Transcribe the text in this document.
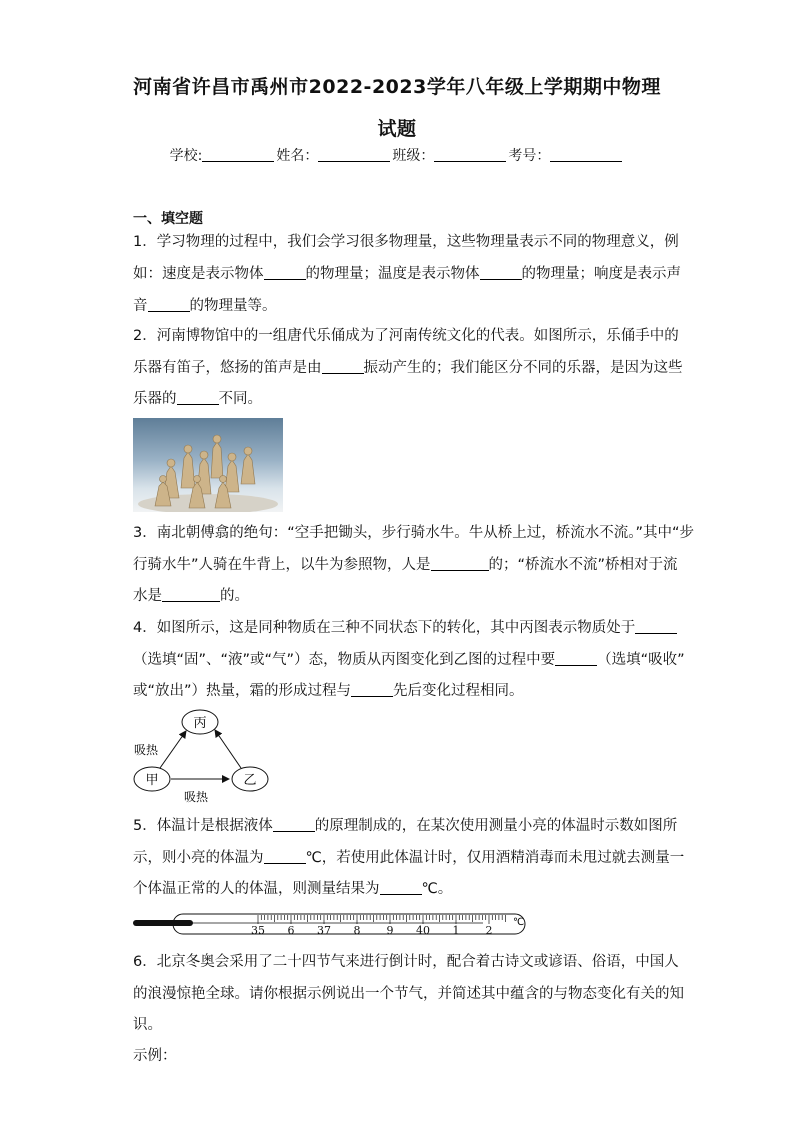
河南省许昌市禹州市2022-2023学年八年级上学期期中物理
试题
学校:	姓名：	班级：	考号：
一、填空题
1．学习物理的过程中，我们会学习很多物理量，这些物理量表示不同的物理意义，例
如：速度是表示物体	的物理量；温度是表示物体	的物理量；响度是表示声
音	的物理量等。
2．河南博物馆中的一组唐代乐俑成为了河南传统文化的代表。如图所示，乐俑手中的
乐器有笛子，悠扬的笛声是由	振动产生的；我们能区分不同的乐器，是因为这些
乐器的	不同。
3．南北朝傅翕的绝句：“空手把锄头，步行骑水牛。牛从桥上过，桥流水不流。”其中“步
行骑水牛”人骑在牛背上，以牛为参照物，人是	的；“桥流水不流”桥相对于流
水是	的。
4．如图所示，这是同种物质在三种不同状态下的转化，其中丙图表示物质处于
（选填“固”、“液”或“气”）态，物质从丙图变化到乙图的过程中要	（选填“吸收”
或“放出”）热量，霜的形成过程与	先后变化过程相同。
丙
甲	乙
吸热
吸热
5．体温计是根据液体	的原理制成的，在某次使用测量小亮的体温时示数如图所
示，则小亮的体温为	℃，若使用此体温计时，仅用酒精消毒而未甩过就去测量一
个体温正常的人的体温，则测量结果为	℃。
35 6 37 8 9 40 1 2
℃
6．北京冬奥会采用了二十四节气来进行倒计时，配合着古诗文或谚语、俗语，中国人
的浪漫惊艳全球。请你根据示例说出一个节气，并简述其中蕴含的与物态变化有关的知
识。
示例：
